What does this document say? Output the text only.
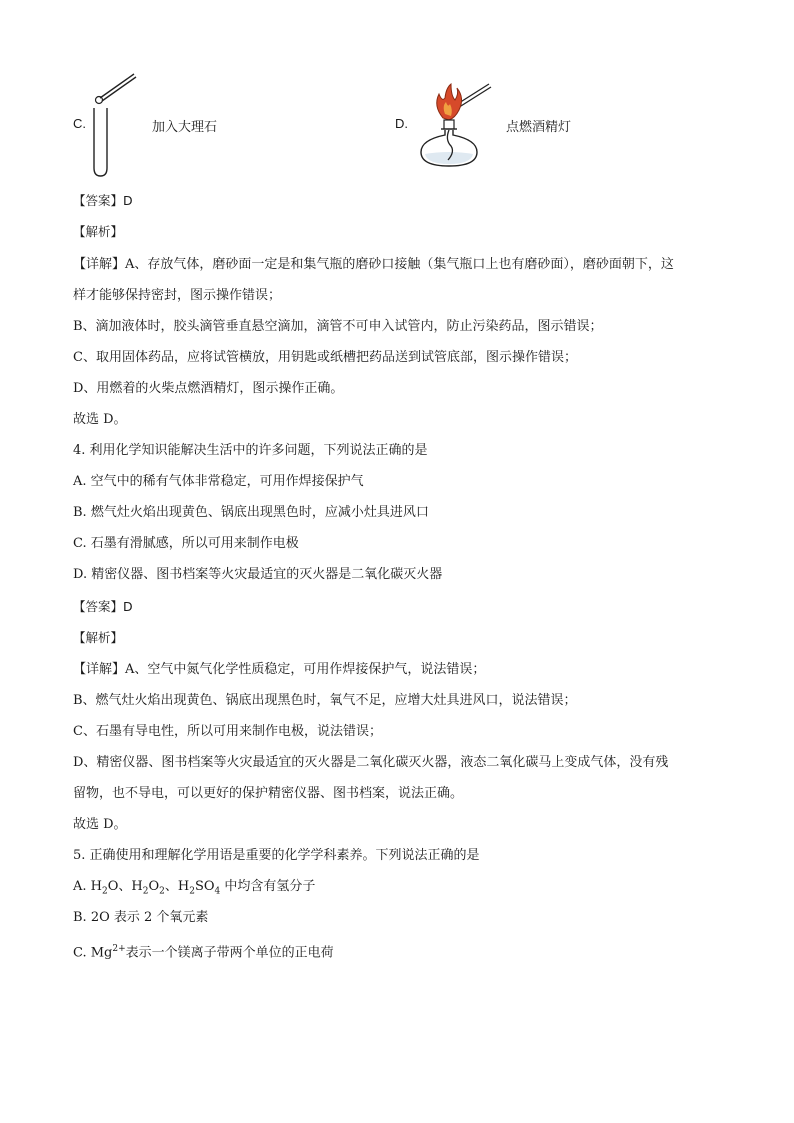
C.	加入大理石	D.	点燃酒精灯
【答案】D
【解析】
【详解】A、存放气体，磨砂面一定是和集气瓶的磨砂口接触（集气瓶口上也有磨砂面），磨砂面朝下，这
样才能够保持密封，图示操作错误；
B、滴加液体时，胶头滴管垂直悬空滴加，滴管不可申入试管内，防止污染药品，图示错误；
C、取用固体药品，应将试管横放，用钥匙或纸槽把药品送到试管底部，图示操作错误；
D、用燃着的火柴点燃酒精灯，图示操作正确。
故选 D。
4. 利用化学知识能解决生活中的许多问题，下列说法正确的是
A. 空气中的稀有气体非常稳定，可用作焊接保护气
B. 燃气灶火焰出现黄色、锅底出现黑色时，应减小灶具进风口
C. 石墨有滑腻感，所以可用来制作电极
D. 精密仪器、图书档案等火灾最适宜的灭火器是二氧化碳灭火器
【答案】D
【解析】
【详解】A、空气中氮气化学性质稳定，可用作焊接保护气，说法错误；
B、燃气灶火焰出现黄色、锅底出现黑色时，氧气不足，应增大灶具进风口，说法错误；
C、石墨有导电性，所以可用来制作电极，说法错误；
D、精密仪器、图书档案等火灾最适宜的灭火器是二氧化碳灭火器，液态二氧化碳马上变成气体，没有残
留物，也不导电，可以更好的保护精密仪器、图书档案，说法正确。
故选 D。
5. 正确使用和理解化学用语是重要的化学学科素养。下列说法正确的是
A. $H_2O$、$H_2O_2$、$H_2SO_4$ 中均含有氢分子
B. 2O 表示 2 个氧元素
C. $Mg^{2+}$表示一个镁离子带两个单位的正电荷
